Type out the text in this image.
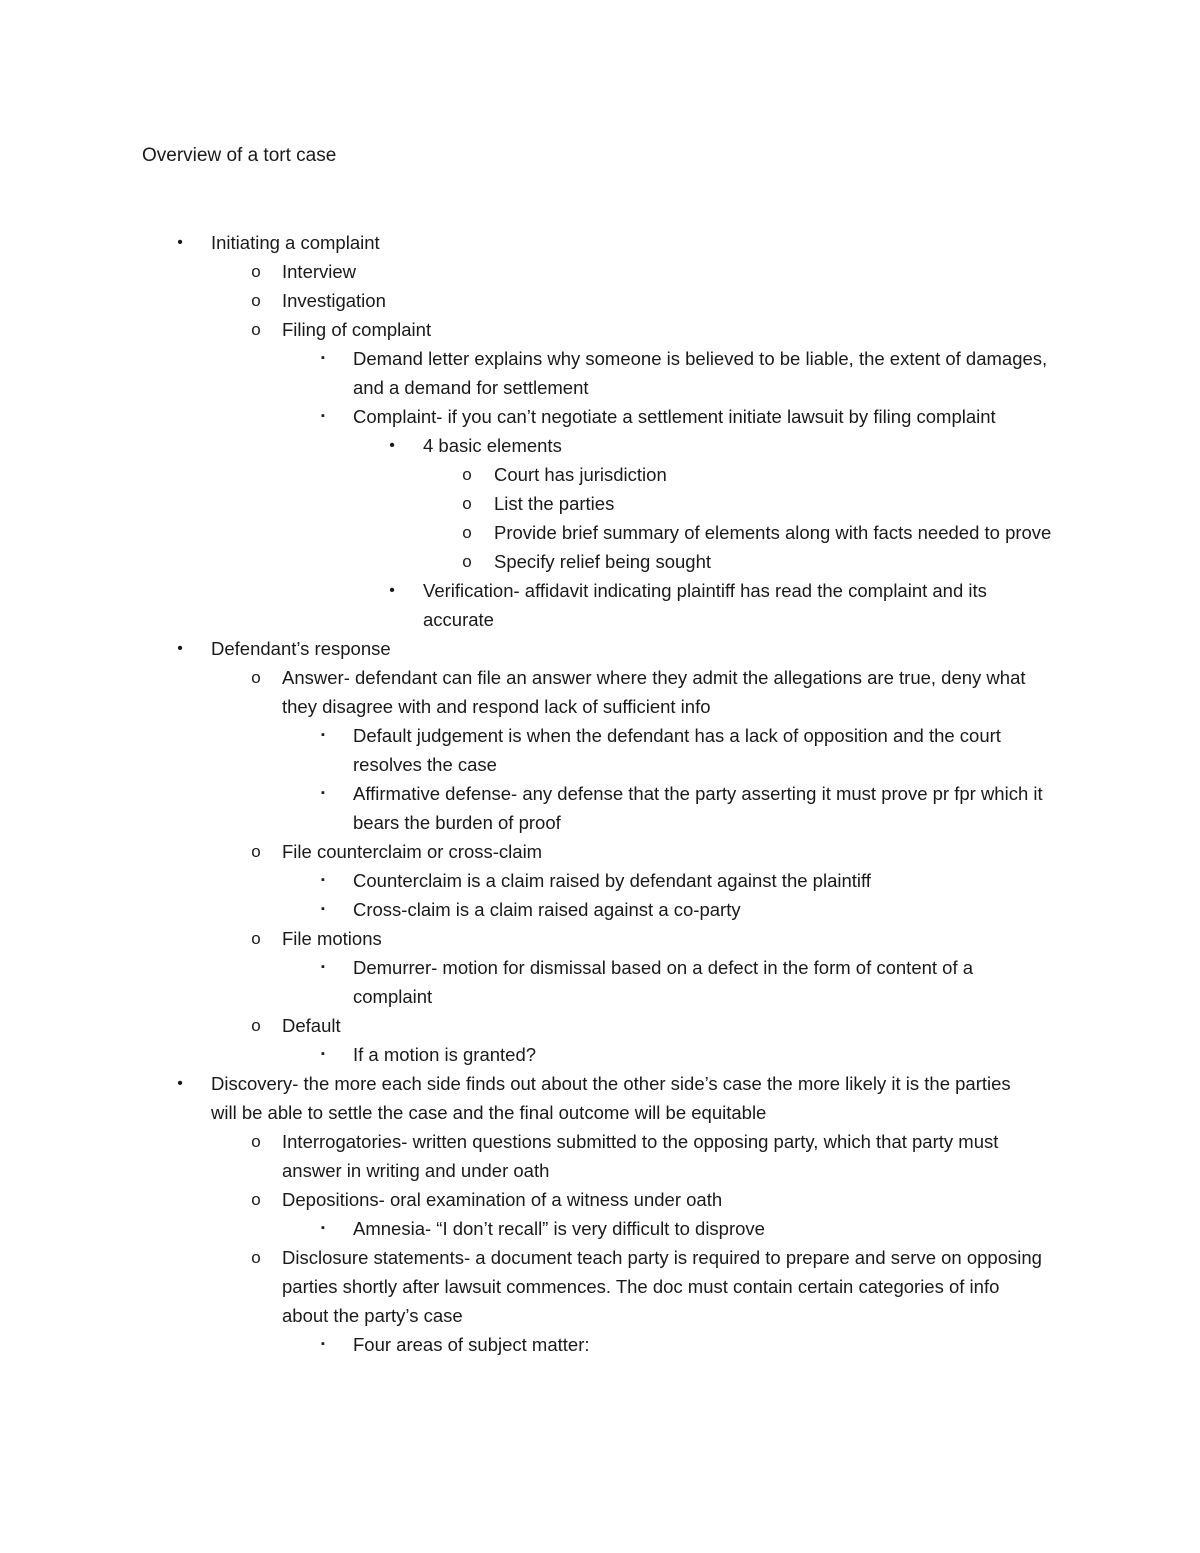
Overview of a tort case
• Initiating a complaint
o Interview
o Investigation
o Filing of complaint
▪ Demand letter explains why someone is believed to be liable, the extent of damages, and a demand for settlement
▪ Complaint- if you can’t negotiate a settlement initiate lawsuit by filing complaint
• 4 basic elements
o Court has jurisdiction
o List the parties
o Provide brief summary of elements along with facts needed to prove
o Specify relief being sought
• Verification- affidavit indicating plaintiff has read the complaint and its accurate
• Defendant’s response
o Answer- defendant can file an answer where they admit the allegations are true, deny what they disagree with and respond lack of sufficient info
▪ Default judgement is when the defendant has a lack of opposition and the court resolves the case
▪ Affirmative defense- any defense that the party asserting it must prove pr fpr which it bears the burden of proof
o File counterclaim or cross-claim
▪ Counterclaim is a claim raised by defendant against the plaintiff
▪ Cross-claim is a claim raised against a co-party
o File motions
▪ Demurrer- motion for dismissal based on a defect in the form of content of a complaint
o Default
▪ If a motion is granted?
• Discovery- the more each side finds out about the other side’s case the more likely it is the parties will be able to settle the case and the final outcome will be equitable
o Interrogatories- written questions submitted to the opposing party, which that party must answer in writing and under oath
o Depositions- oral examination of a witness under oath
▪ Amnesia- “I don’t recall” is very difficult to disprove
o Disclosure statements- a document teach party is required to prepare and serve on opposing parties shortly after lawsuit commences. The doc must contain certain categories of info about the party’s case
▪ Four areas of subject matter:
